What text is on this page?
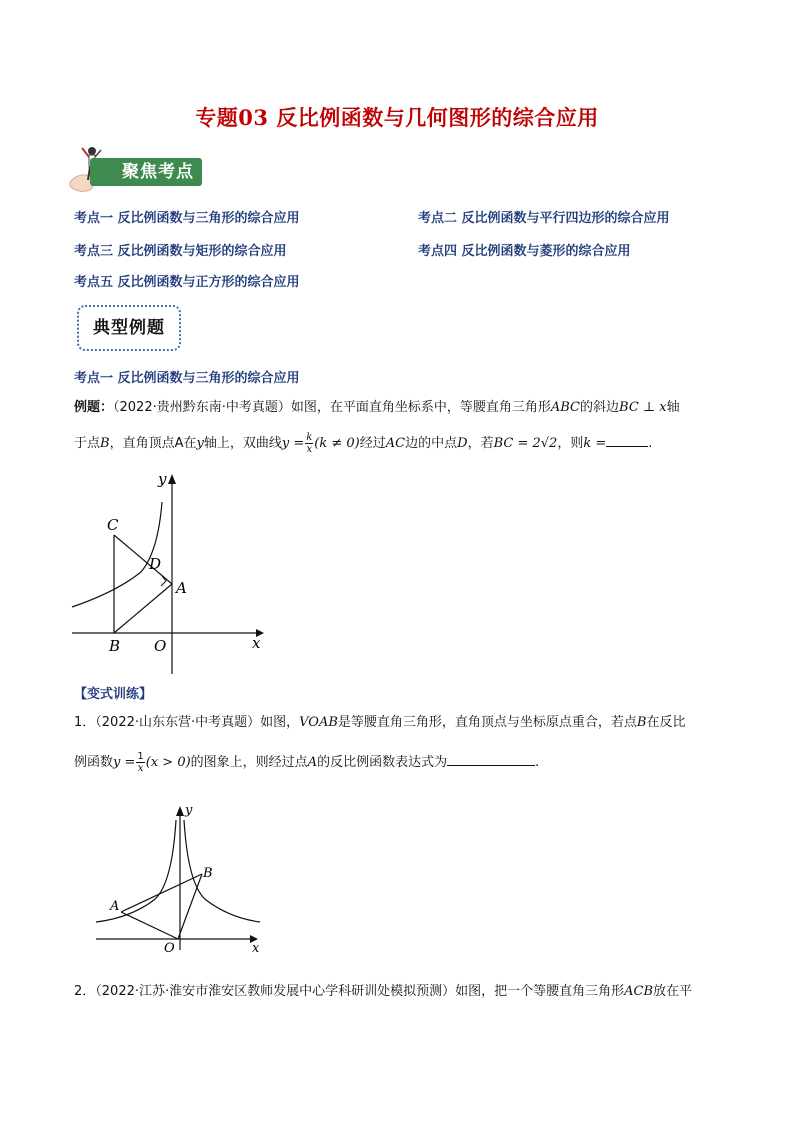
专题03 反比例函数与几何图形的综合应用
聚焦考点
考点一 反比例函数与三角形的综合应用	考点二 反比例函数与平行四边形的综合应用
考点三 反比例函数与矩形的综合应用	考点四 反比例函数与菱形的综合应用
考点五 反比例函数与正方形的综合应用
典型例题
考点一 反比例函数与三角形的综合应用
例题：（2022·贵州黔东南·中考真题）如图，在平面直角坐标系中，等腰直角三角形ABC的斜边BC ⊥ x轴
于点B，直角顶点A在y轴上，双曲线$y = \frac{k}{x} (k \ne 0)$经过AC边的中点D，若BC = 2√2，则k =	.
y
x
C
D
A
B O
【变式训练】
1．（2022·山东东营·中考真题）如图，VOAB是等腰直角三角形，直角顶点与坐标原点重合，若点B在反比
例函数$y = \frac{1}{x} (x > 0)$的图象上，则经过点A的反比例函数表达式为	.
y
x
A
B
O
2．（2022·江苏·淮安市淮安区教师发展中心学科研训处模拟预测）如图，把一个等腰直角三角形ACB放在平
